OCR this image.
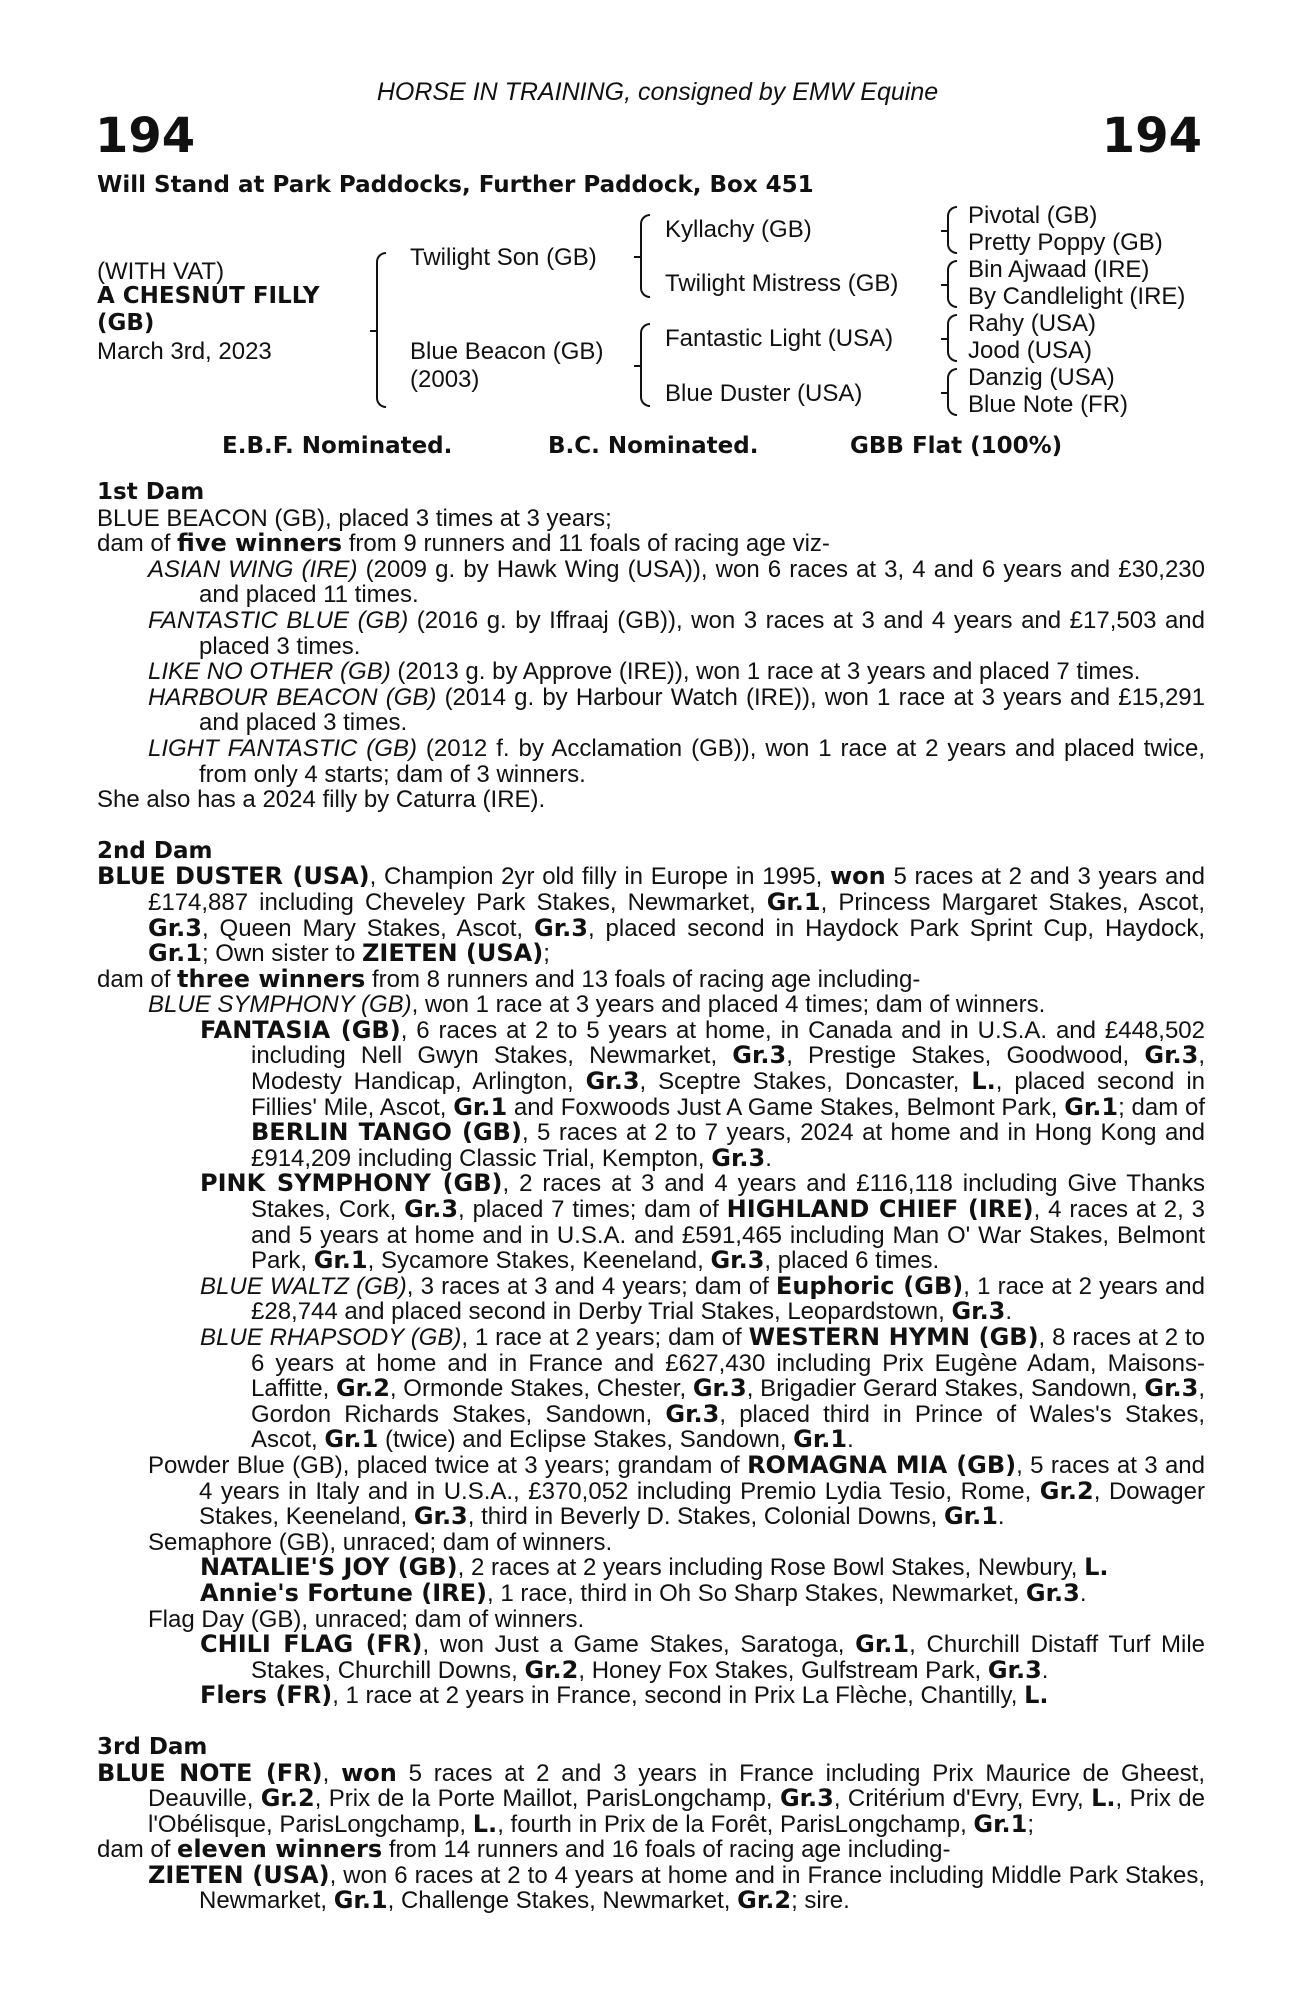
HORSE IN TRAINING, consigned by EMW Equine
194	194
Will Stand at Park Paddocks, Further Paddock, Box 451
(WITH VAT)
A CHESNUT FILLY
(GB)
March 3rd, 2023
Twilight Son (GB)
Blue Beacon (GB)
(2003)
Kyllachy (GB)
Twilight Mistress (GB)
Fantastic Light (USA)
Blue Duster (USA)
Pivotal (GB)
Pretty Poppy (GB)
Bin Ajwaad (IRE)
By Candlelight (IRE)
Rahy (USA)
Jood (USA)
Danzig (USA)
Blue Note (FR)
E.B.F. Nominated.	B.C. Nominated.	GBB Flat (100%)
1st Dam
BLUE BEACON (GB), placed 3 times at 3 years;
dam of five winners from 9 runners and 11 foals of racing age viz-
ASIAN WING (IRE) (2009 g. by Hawk Wing (USA)), won 6 races at 3, 4 and 6 years and £30,230 and placed 11 times.
FANTASTIC BLUE (GB) (2016 g. by Iffraaj (GB)), won 3 races at 3 and 4 years and £17,503 and placed 3 times.
LIKE NO OTHER (GB) (2013 g. by Approve (IRE)), won 1 race at 3 years and placed 7 times.
HARBOUR BEACON (GB) (2014 g. by Harbour Watch (IRE)), won 1 race at 3 years and £15,291 and placed 3 times.
LIGHT FANTASTIC (GB) (2012 f. by Acclamation (GB)), won 1 race at 2 years and placed twice, from only 4 starts; dam of 3 winners.
She also has a 2024 filly by Caturra (IRE).
2nd Dam
BLUE DUSTER (USA), Champion 2yr old filly in Europe in 1995, won 5 races at 2 and 3 years and £174,887 including Cheveley Park Stakes, Newmarket, Gr.1, Princess Margaret Stakes, Ascot, Gr.3, Queen Mary Stakes, Ascot, Gr.3, placed second in Haydock Park Sprint Cup, Haydock, Gr.1; Own sister to ZIETEN (USA);
dam of three winners from 8 runners and 13 foals of racing age including-
BLUE SYMPHONY (GB), won 1 race at 3 years and placed 4 times; dam of winners.
FANTASIA (GB), 6 races at 2 to 5 years at home, in Canada and in U.S.A. and £448,502 including Nell Gwyn Stakes, Newmarket, Gr.3, Prestige Stakes, Goodwood, Gr.3, Modesty Handicap, Arlington, Gr.3, Sceptre Stakes, Doncaster, L., placed second in Fillies' Mile, Ascot, Gr.1 and Foxwoods Just A Game Stakes, Belmont Park, Gr.1; dam of BERLIN TANGO (GB), 5 races at 2 to 7 years, 2024 at home and in Hong Kong and £914,209 including Classic Trial, Kempton, Gr.3.
PINK SYMPHONY (GB), 2 races at 3 and 4 years and £116,118 including Give Thanks Stakes, Cork, Gr.3, placed 7 times; dam of HIGHLAND CHIEF (IRE), 4 races at 2, 3 and 5 years at home and in U.S.A. and £591,465 including Man O' War Stakes, Belmont Park, Gr.1, Sycamore Stakes, Keeneland, Gr.3, placed 6 times.
BLUE WALTZ (GB), 3 races at 3 and 4 years; dam of Euphoric (GB), 1 race at 2 years and £28,744 and placed second in Derby Trial Stakes, Leopardstown, Gr.3.
BLUE RHAPSODY (GB), 1 race at 2 years; dam of WESTERN HYMN (GB), 8 races at 2 to 6 years at home and in France and £627,430 including Prix Eugène Adam, Maisons-Laffitte, Gr.2, Ormonde Stakes, Chester, Gr.3, Brigadier Gerard Stakes, Sandown, Gr.3, Gordon Richards Stakes, Sandown, Gr.3, placed third in Prince of Wales's Stakes, Ascot, Gr.1 (twice) and Eclipse Stakes, Sandown, Gr.1.
Powder Blue (GB), placed twice at 3 years; grandam of ROMAGNA MIA (GB), 5 races at 3 and 4 years in Italy and in U.S.A., £370,052 including Premio Lydia Tesio, Rome, Gr.2, Dowager Stakes, Keeneland, Gr.3, third in Beverly D. Stakes, Colonial Downs, Gr.1.
Semaphore (GB), unraced; dam of winners.
NATALIE'S JOY (GB), 2 races at 2 years including Rose Bowl Stakes, Newbury, L.
Annie's Fortune (IRE), 1 race, third in Oh So Sharp Stakes, Newmarket, Gr.3.
Flag Day (GB), unraced; dam of winners.
CHILI FLAG (FR), won Just a Game Stakes, Saratoga, Gr.1, Churchill Distaff Turf Mile Stakes, Churchill Downs, Gr.2, Honey Fox Stakes, Gulfstream Park, Gr.3.
Flers (FR), 1 race at 2 years in France, second in Prix La Flèche, Chantilly, L.
3rd Dam
BLUE NOTE (FR), won 5 races at 2 and 3 years in France including Prix Maurice de Gheest, Deauville, Gr.2, Prix de la Porte Maillot, ParisLongchamp, Gr.3, Critérium d'Evry, Evry, L., Prix de l'Obélisque, ParisLongchamp, L., fourth in Prix de la Forêt, ParisLongchamp, Gr.1;
dam of eleven winners from 14 runners and 16 foals of racing age including-
ZIETEN (USA), won 6 races at 2 to 4 years at home and in France including Middle Park Stakes, Newmarket, Gr.1, Challenge Stakes, Newmarket, Gr.2; sire.
